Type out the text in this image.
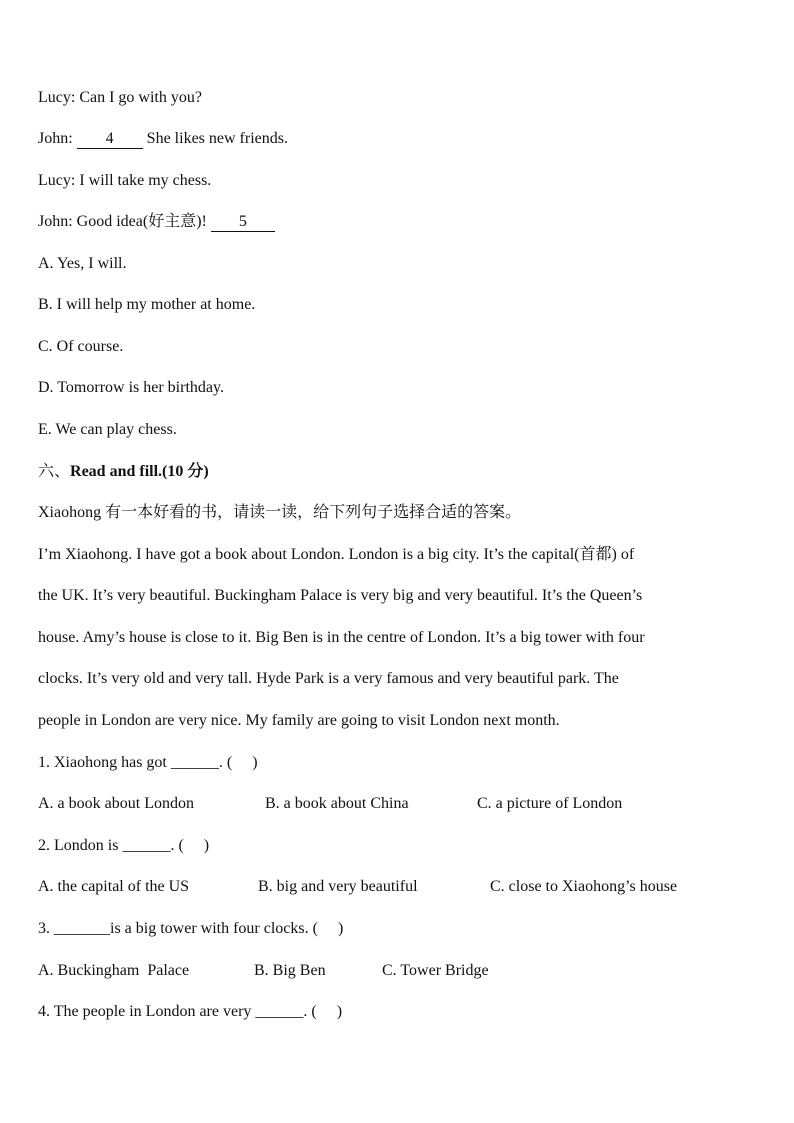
Lucy: Can I go with you?
John: 4 She likes new friends.
Lucy: I will take my chess.
John: Good idea(好主意)! 5
A. Yes, I will.
B. I will help my mother at home.
C. Of course.
D. Tomorrow is her birthday.
E. We can play chess.
六、Read and fill.(10 分)
Xiaohong 有一本好看的书，请读一读，给下列句子选择合适的答案。
I’m Xiaohong. I have got a book about London. London is a big city. It’s the capital(首都) of
the UK. It’s very beautiful. Buckingham Palace is very big and very beautiful. It’s the Queen’s
house. Amy’s house is close to it. Big Ben is in the centre of London. It’s a big tower with four
clocks. It’s very old and very tall. Hyde Park is a very famous and very beautiful park. The
people in London are very nice. My family are going to visit London next month.
1. Xiaohong has got ______. (     )
A. a book about London	B. a book about China	C. a picture of London
2. London is ______. (     )
A. the capital of the US	B. big and very beautiful	C. close to Xiaohong’s house
3. _______is a big tower with four clocks. (     )
A. Buckingham  Palace	B. Big Ben	C. Tower Bridge
4. The people in London are very ______. (     )
